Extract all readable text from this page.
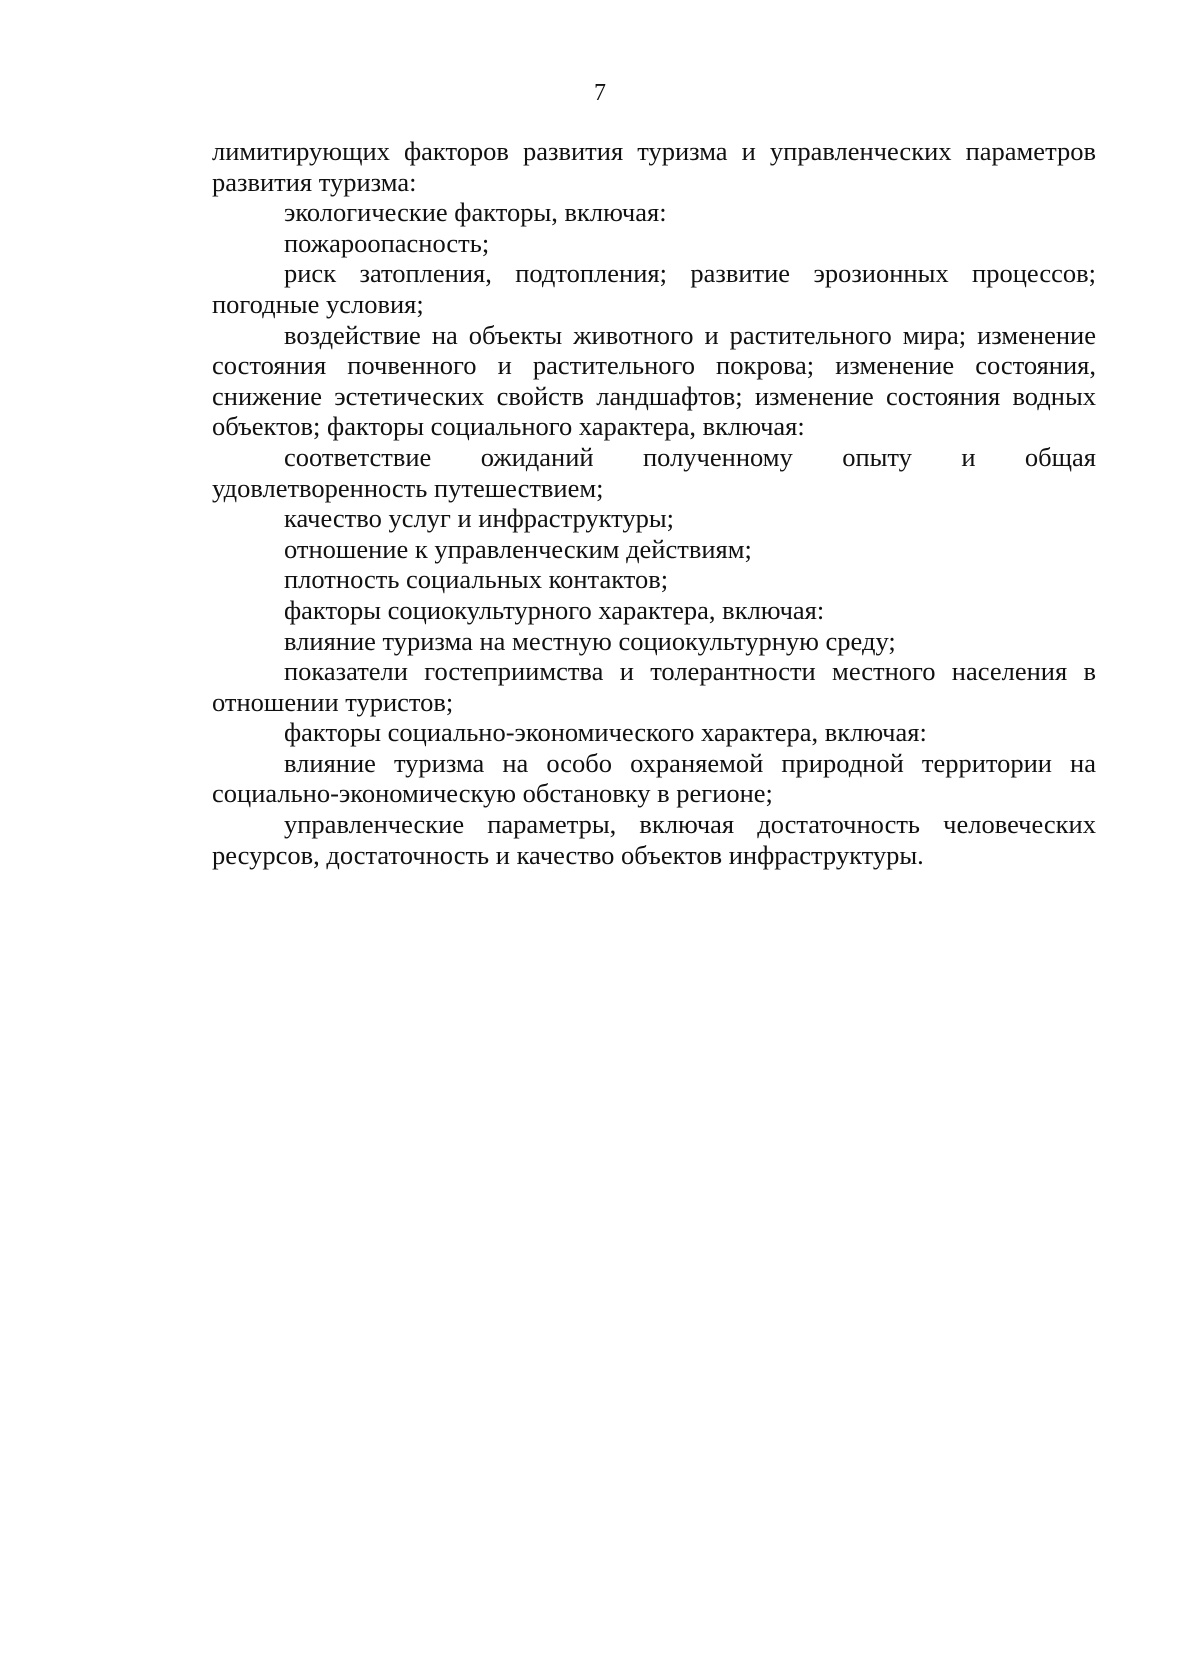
7

лимитирующих факторов развития туризма и управленческих параметров развития туризма:

экологические факторы, включая:

пожароопасность;

риск затопления, подтопления; развитие эрозионных процессов; погодные условия;

воздействие на объекты животного и растительного мира; изменение состояния почвенного и растительного покрова; изменение состояния, снижение эстетических свойств ландшафтов; изменение состояния водных объектов; факторы социального характера, включая:

соответствие ожиданий полученному опыту и общая удовлетворенность путешествием;

качество услуг и инфраструктуры;

отношение к управленческим действиям;

плотность социальных контактов;

факторы социокультурного характера, включая:

влияние туризма на местную социокультурную среду;

показатели гостеприимства и толерантности местного населения в отношении туристов;

факторы социально-экономического характера, включая:

влияние туризма на особо охраняемой природной территории на социально-экономическую обстановку в регионе;

управленческие параметры, включая достаточность человеческих ресурсов, достаточность и качество объектов инфраструктуры.
